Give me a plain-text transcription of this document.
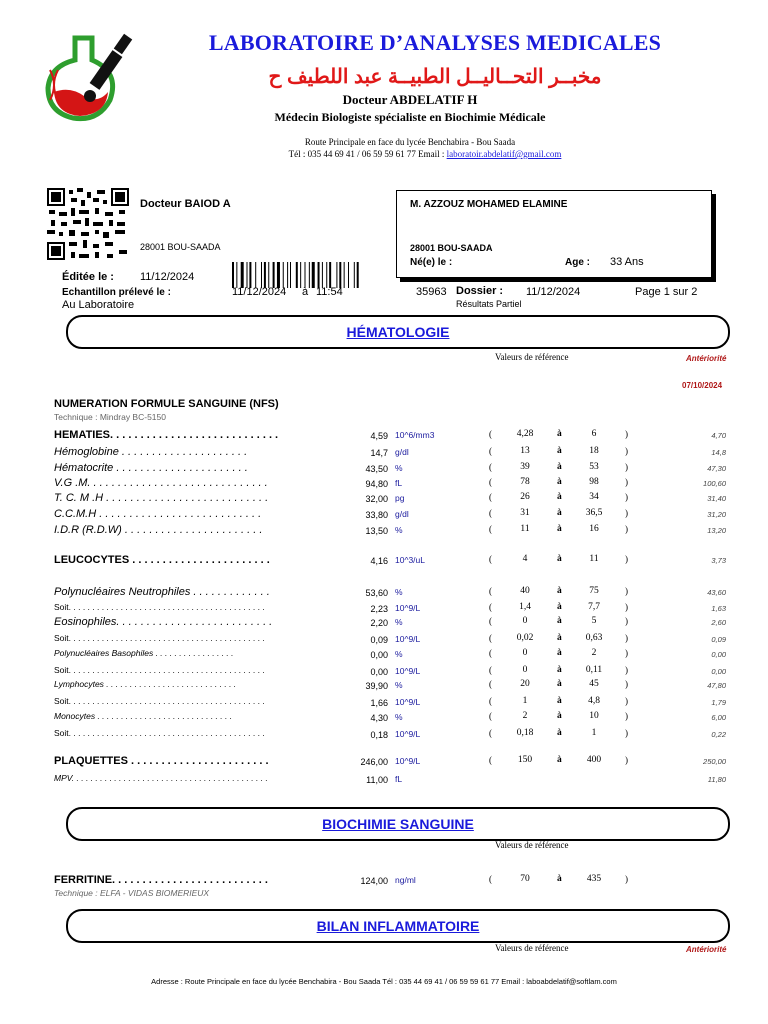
LABORATOIRE D’ANALYSES MEDICALES
مخبــر التحــاليــل الطبيــة عبد اللطيف ح
Docteur ABDELATIF H
Médecin Biologiste spécialiste en Biochimie Médicale
Route Principale en face du lycée Benchabira - Bou Saada
Tél : 035 44 69 41 / 06 59 59 61 77 Email : laboratoir.abdelatif@gmail.com
Docteur BAIOD A
28001 BOU-SAADA
M. AZZOUZ MOHAMED ELAMINE
28001 BOU-SAADA
Né(e) le :	Age : 33 Ans
Éditée le : 11/12/2024
Echantillon prélevé le :	11/12/2024 à 11:54
Au Laboratoire
35963 Dossier : 11/12/2024	Page 1 sur 2
Résultats Partiel
HÉMATOLOGIE
Valeurs de référence	Antériorité
07/10/2024
NUMERATION FORMULE SANGUINE (NFS)
Technique : Mindray BC-5150
HEMATIES. . . . . . . . . . . . . . . . . . . . . . . . . . . .	4,59 10^6/mm3	(	4,28	à	6	)	4,70
Hémoglobine . . . . . . . . . . . . . . . . . . . . .	14,7 g/dl	(	13	à	18	)	14,8
Hématocrite . . . . . . . . . . . . . . . . . . . . . .	43,50 %	(	39	à	53	)	47,30
V.G .M. . . . . . . . . . . . . . . . . . . . . . . . . . . . . .	94,80 fL	(	78	à	98	)	100,60
T. C. M .H . . . . . . . . . . . . . . . . . . . . . . . . . . .	32,00 pg	(	26	à	34	)	31,40
C.C.M.H . . . . . . . . . . . . . . . . . . . . . . . . . . .	33,80 g/dl	(	31	à	36,5	)	31,20
I.D.R (R.D.W) . . . . . . . . . . . . . . . . . . . . . . .	13,50 %	(	11	à	16	)	13,20
LEUCOCYTES . . . . . . . . . . . . . . . . . . . . . . .	4,16 10^3/uL	(	4	à	11	)	3,73
Polynucléaires Neutrophiles . . . . . . . . . . . . .	53,60 %	(	40	à	75	)	43,60
Soit. . . . . . . . . . . . . . . . . . . . . . . . . . . . . . . . . . . . . . . . . .	2,23 10^9/L	(	1,4	à	7,7	)	1,63
Eosinophiles. . . . . . . . . . . . . . . . . . . . . . . . . .	2,20 %	(	0	à	5	)	2,60
Soit. . . . . . . . . . . . . . . . . . . . . . . . . . . . . . . . . . . . . . . . . .	0,09 10^9/L	(	0,02	à	0,63	)	0,09
Polynucléaires Basophiles . . . . . . . . . . . . . . . . .	0,00 %	(	0	à	2	)	0,00
Soit. . . . . . . . . . . . . . . . . . . . . . . . . . . . . . . . . . . . . . . . . .	0,00 10^9/L	(	0	à	0,11	)	0,00
Lymphocytes . . . . . . . . . . . . . . . . . . . . . . . . . . . .	39,90 %	(	20	à	45	)	47,80
Soit. . . . . . . . . . . . . . . . . . . . . . . . . . . . . . . . . . . . . . . . . .	1,66 10^9/L	(	1	à	4,8	)	1,79
Monocytes . . . . . . . . . . . . . . . . . . . . . . . . . . . . .	4,30 %	(	2	à	10	)	6,00
Soit. . . . . . . . . . . . . . . . . . . . . . . . . . . . . . . . . . . . . . . . . .	0,18 10^9/L	(	0,18	à	1	)	0,22
PLAQUETTES . . . . . . . . . . . . . . . . . . . . . . .	246,00 10^9/L	(	150	à	400	)	250,00
MPV. . . . . . . . . . . . . . . . . . . . . . . . . . . . . . . . . . . . . . . . . .	11,00 fL	11,80
FERRITINE. . . . . . . . . . . . . . . . . . . . . . . . . .	124,00 ng/ml	(	70	à	435	)
BIOCHIMIE SANGUINE
Valeurs de référence
Technique : ELFA - VIDAS BIOMERIEUX
BILAN INFLAMMATOIRE
Valeurs de référence	Antériorité
Adresse : Route Principale en face du lycée Benchabira - Bou Saada Tél : 035 44 69 41 / 06 59 59 61 77 Email : laboabdelatif@softlam.com
